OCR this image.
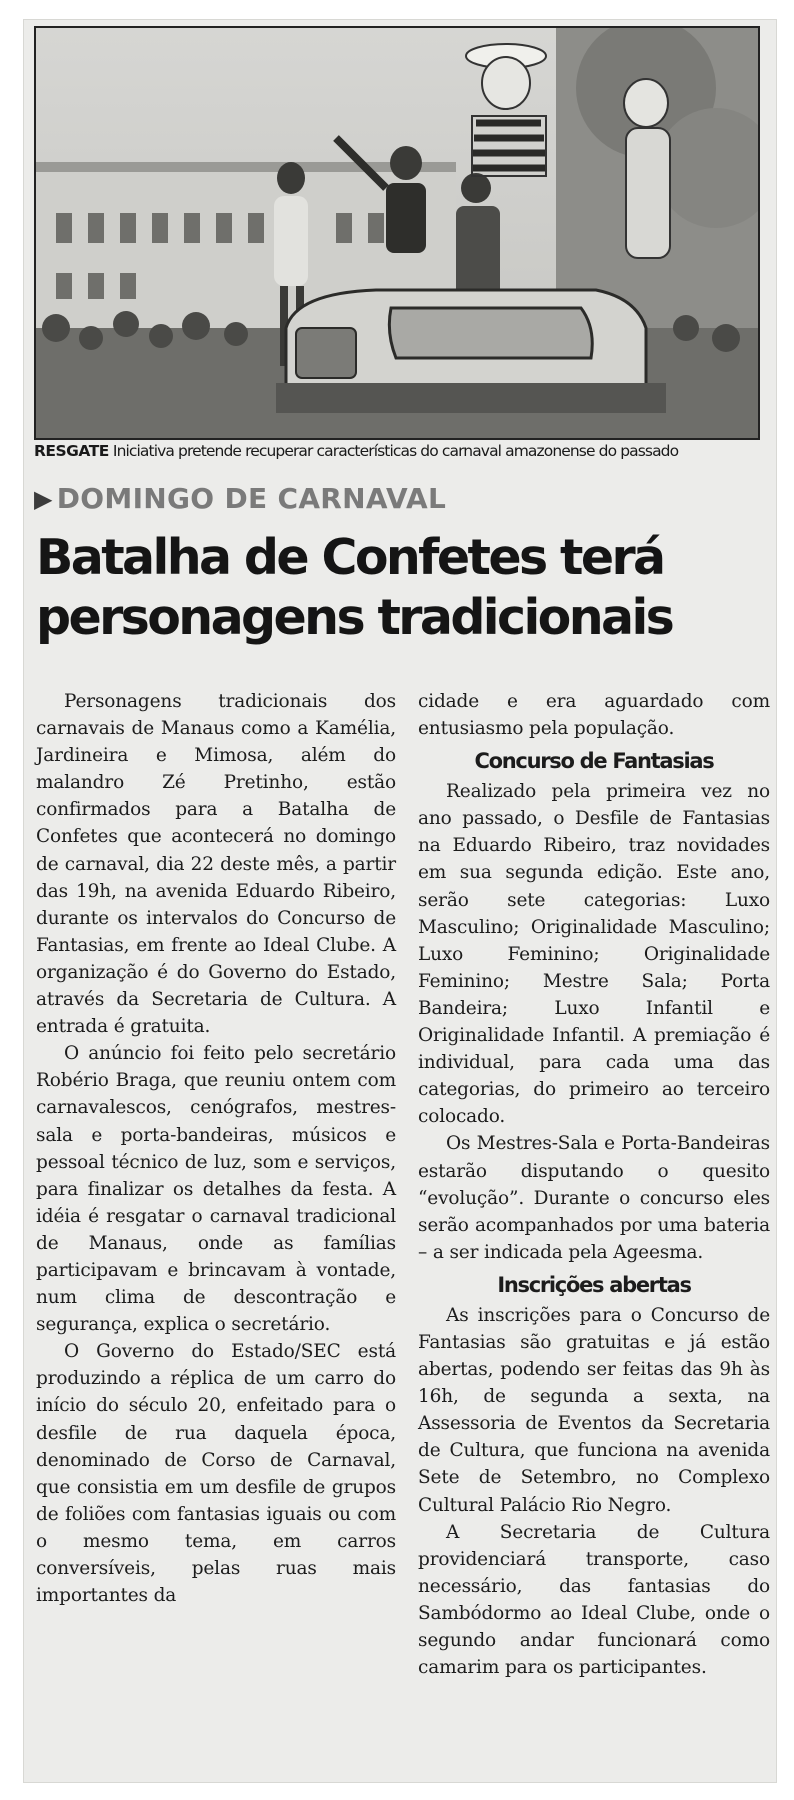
RESGATE Iniciativa pretende recuperar características do carnaval amazonense do passado
▶ DOMINGO DE CARNAVAL
Batalha de Confetes terá
personagens tradicionais

Personagens tradicionais dos carnavais de Manaus como a Kamélia, Jardineira e Mimosa, além do malandro Zé Pretinho, estão confirmados para a Batalha de Confetes que acontecerá no domingo de carnaval, dia 22 deste mês, a partir das 19h, na avenida Eduardo Ribeiro, durante os intervalos do Concurso de Fantasias, em frente ao Ideal Clube. A organização é do Governo do Estado, através da Secretaria de Cultura. A entrada é gratuita.

O anúncio foi feito pelo secretário Robério Braga, que reuniu ontem com carnavalescos, cenógrafos, mestres-sala e porta-bandeiras, músicos e pessoal técnico de luz, som e serviços, para finalizar os detalhes da festa. A idéia é resgatar o carnaval tradicional de Manaus, onde as famílias participavam e brincavam à vontade, num clima de descontração e segurança, explica o secretário.

O Governo do Estado/SEC está produzindo a réplica de um carro do início do século 20, enfeitado para o desfile de rua daquela época, denominado de Corso de Carnaval, que consistia em um desfile de grupos de foliões com fantasias iguais ou com o mesmo tema, em carros conversíveis, pelas ruas mais importantes da

cidade e era aguardado com entusiasmo pela população.

Concurso de Fantasias

Realizado pela primeira vez no ano passado, o Desfile de Fantasias na Eduardo Ribeiro, traz novidades em sua segunda edição. Este ano, serão sete categorias: Luxo Masculino; Originalidade Masculino; Luxo Feminino; Originalidade Feminino; Mestre Sala; Porta Bandeira; Luxo Infantil e Originalidade Infantil. A premiação é individual, para cada uma das categorias, do primeiro ao terceiro colocado.

Os Mestres-Sala e Porta-Bandeiras estarão disputando o quesito “evolução”. Durante o concurso eles serão acompanhados por uma bateria – a ser indicada pela Ageesma.

Inscrições abertas

As inscrições para o Concurso de Fantasias são gratuitas e já estão abertas, podendo ser feitas das 9h às 16h, de segunda a sexta, na Assessoria de Eventos da Secretaria de Cultura, que funciona na avenida Sete de Setembro, no Complexo Cultural Palácio Rio Negro.

A Secretaria de Cultura providenciará transporte, caso necessário, das fantasias do Sambódormo ao Ideal Clube, onde o segundo andar funcionará como camarim para os participantes.
